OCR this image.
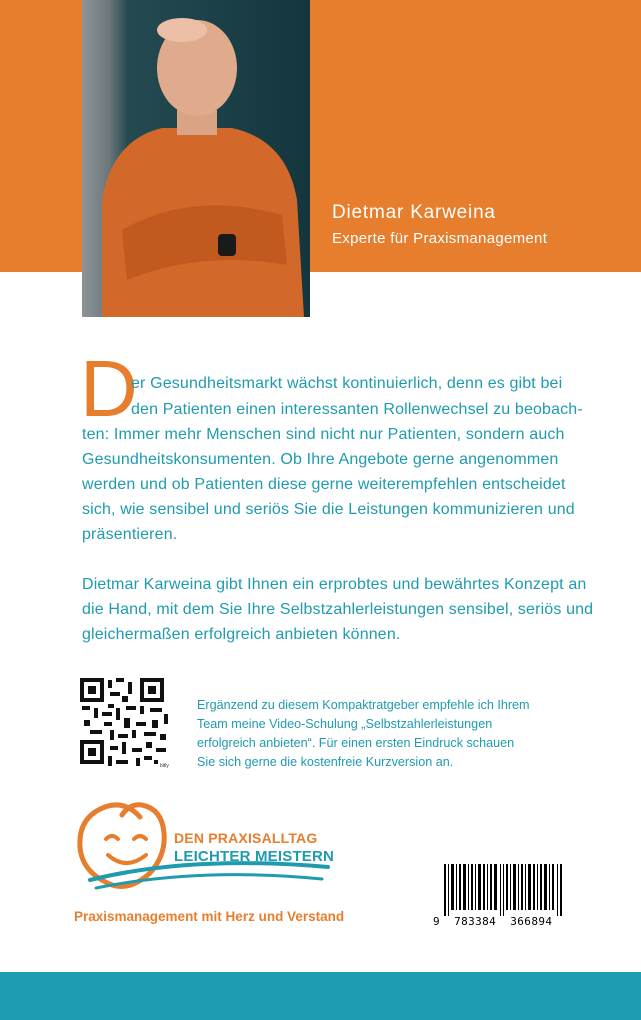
Dietmar Karweina
Experte für Praxismanagement
D
er Gesundheitsmarkt wächst kontinuierlich, denn es gibt bei
den Patienten einen interessanten Rollenwechsel zu beobach-
ten: Immer mehr Menschen sind nicht nur Patienten, sondern auch
Gesundheitskonsumenten. Ob Ihre Angebote gerne angenommen
werden und ob Patienten diese gerne weiterempfehlen entscheidet
sich, wie sensibel und seriös Sie die Leistungen kommunizieren und
präsentieren.
Dietmar Karweina gibt Ihnen ein erprobtes und bewährtes Konzept an
die Hand, mit dem Sie Ihre Selbstzahlerleistungen sensibel, seriös und
gleichermaßen erfolgreich anbieten können.
bitly
Ergänzend zu diesem Kompaktratgeber empfehle ich Ihrem
Team meine Video-Schulung „Selbstzahlerleistungen
erfolgreich anbieten“. Für einen ersten Eindruck schauen
Sie sich gerne die kostenfreie Kurzversion an.
DEN PRAXISALLTAG
LEICHTER MEISTERN
Praxismanagement mit Herz und Verstand	9  783384  366894
